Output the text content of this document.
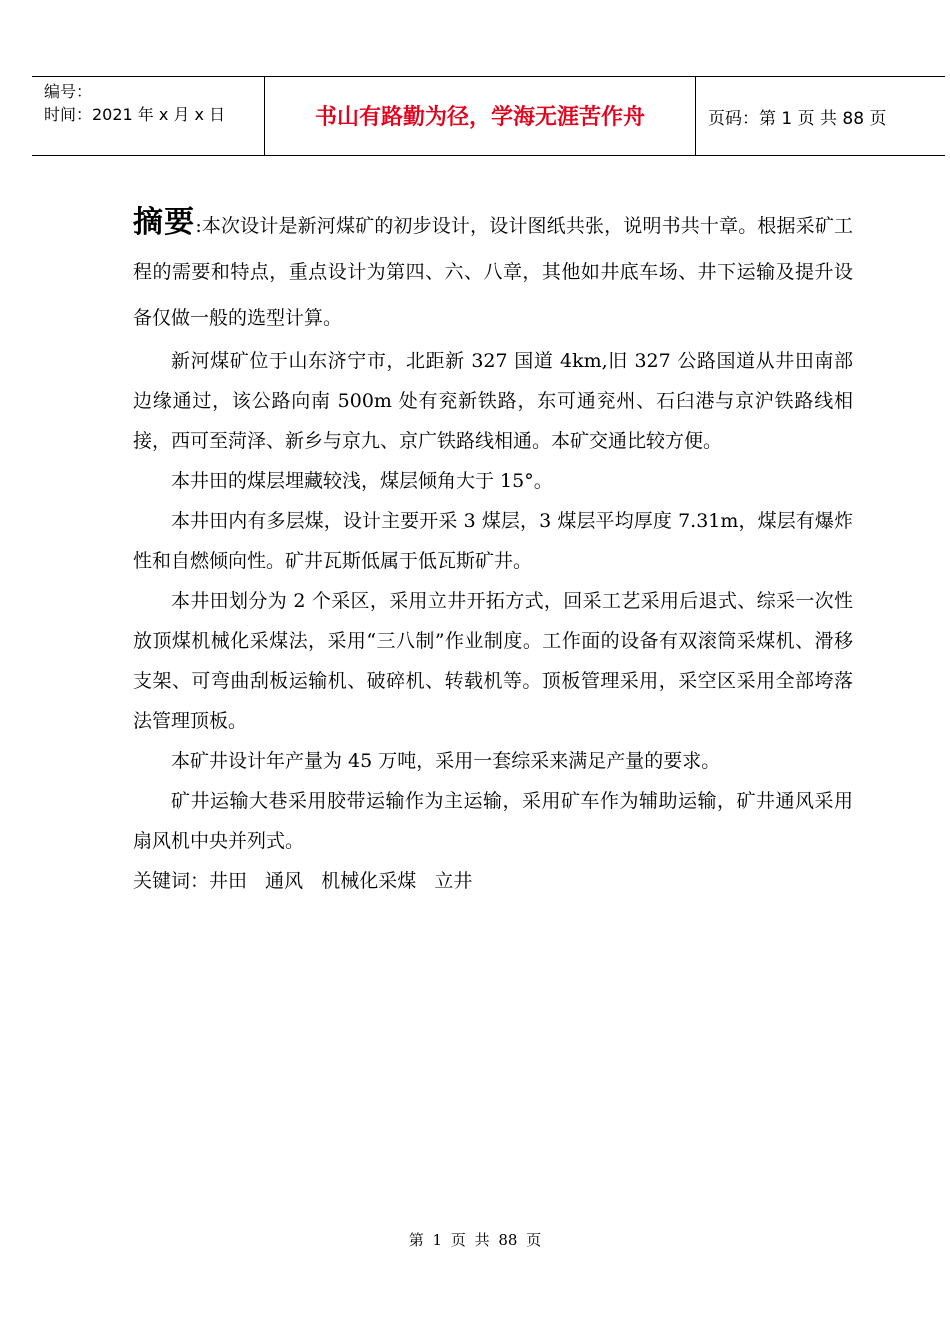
编号：
时间：2021 年 x 月 x 日	书山有路勤为径，学海无涯苦作舟	页码：第 1 页 共 88 页

摘要:本次设计是新河煤矿的初步设计，设计图纸共张，说明书共十章。根据采矿工程的需要和特点，重点设计为第四、六、八章，其他如井底车场、井下运输及提升设备仅做一般的选型计算。

新河煤矿位于山东济宁市，北距新 327 国道 4km,旧 327 公路国道从井田南部边缘通过，该公路向南 500m 处有兖新铁路，东可通兖州、石臼港与京沪铁路线相接，西可至菏泽、新乡与京九、京广铁路线相通。本矿交通比较方便。

本井田的煤层埋藏较浅，煤层倾角大于 15°。

本井田内有多层煤，设计主要开采 3 煤层，3 煤层平均厚度 7.31m，煤层有爆炸性和自燃倾向性。矿井瓦斯低属于低瓦斯矿井。

本井田划分为 2 个采区，采用立井开拓方式，回采工艺采用后退式、综采一次性放顶煤机械化采煤法，采用“三八制”作业制度。工作面的设备有双滚筒采煤机、滑移支架、可弯曲刮板运输机、破碎机、转载机等。顶板管理采用，采空区采用全部垮落法管理顶板。

本矿井设计年产量为 45 万吨，采用一套综采来满足产量的要求。

矿井运输大巷采用胶带运输作为主运输，采用矿车作为辅助运输，矿井通风采用扇风机中央并列式。

关键词：井田   通风   机械化采煤   立井

第 1 页 共 88 页
